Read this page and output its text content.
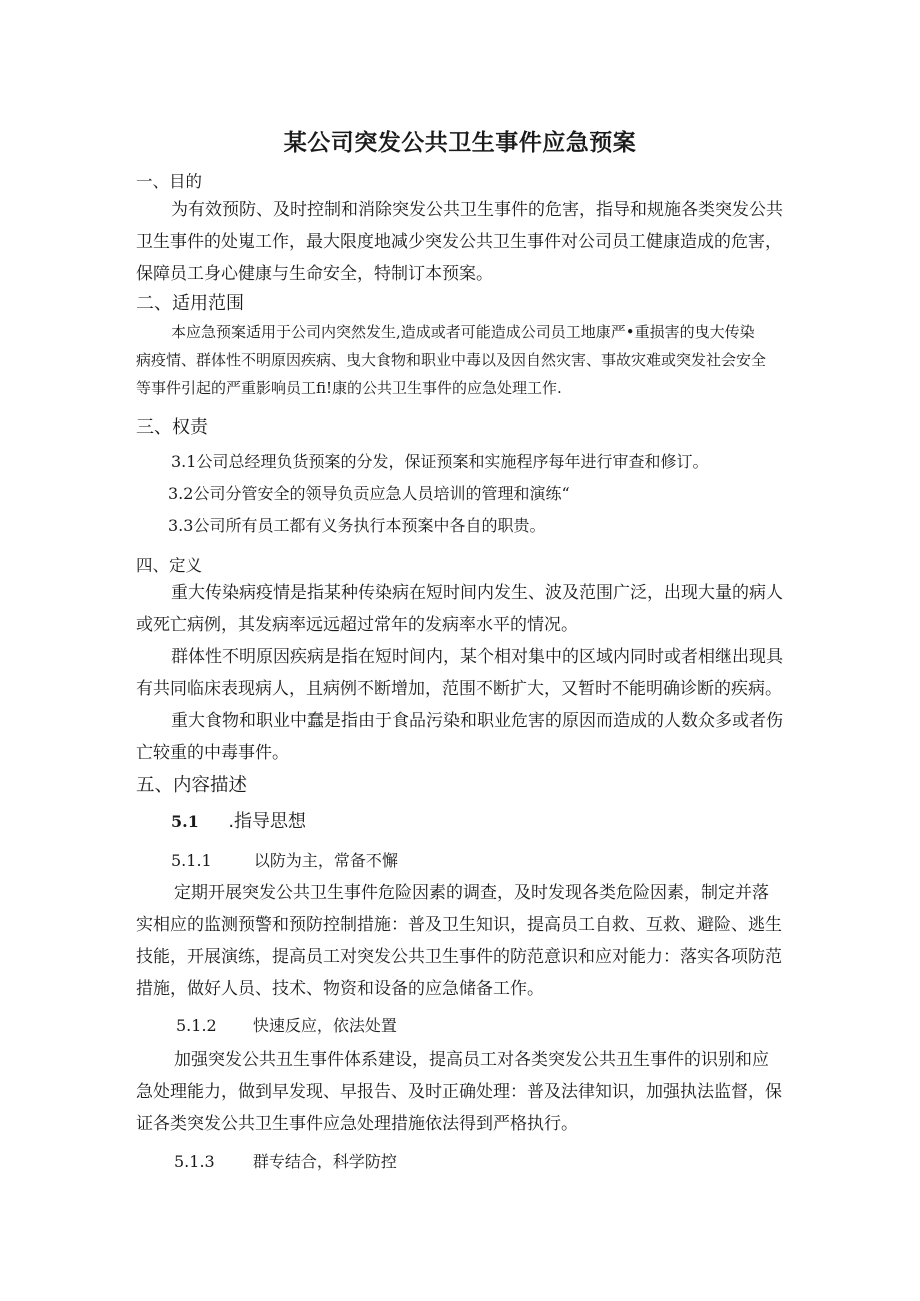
某公司突发公共卫生事件应急预案

一、目的

为有效预防、及时控制和消除突发公共卫生事件的危害，指导和规施各类突发公共
卫生事件的处嵬工作，最大限度地减少突发公共卫生事件对公司员工健康造成的危害，
保障员工身心健康与生命安全，特制订本预案。

二、适用范围

本应急预案适用于公司内突然发生,造成或者可能造成公司员工地康严•重损害的曳大传染
病疫情、群体性不明原因疾病、曳大食物和职业中毒以及因自然灾害、事故灾难或突发社会安全
等事件引起的严重影响员工fi!康的公共卫生事件的应急处理工作.

三、权责

3.1公司总经理负货预案的分发，保证预案和实施程序每年进行审查和修订。

3.2公司分管安全的领导负贡应急人员培训的管理和演练“

3.3公司所有员工都有义务执行本预案中各自的职贵。

四、定义

重大传染病疫情是指某种传染病在短时间内发生、波及范围广泛，出现大量的病人
或死亡病例，其发病率远远超过常年的发病率水平的情况。
群体性不明原因疾病是指在短时间内，某个相对集中的区域内同时或者相继出现具
有共同临床表现病人，且病例不断增加，范围不断扩大，又暂时不能明确诊断的疾病。
重大食物和职业中蠢是指由于食品污染和职业危害的原因而造成的人数众多或者伤
亡较重的中毒事件。

五、内容描述

5.1 .指导思想

5.1.1	以防为主，常备不懈

定期开展突发公共卫生事件危险因素的调查，及时发现各类危险因素，制定并落
实相应的监测预警和预防控制措施：普及卫生知识，提高员工自救、互救、避险、逃生
技能，开展演练，提高员工对突发公共卫生事件的防范意识和应对能力：落实各项防范
措施，做好人员、技术、物资和设备的应急储备工作。

5.1.2 快速反应，依法处置

加强突发公共丑生事件体系建设，提高员工对各类突发公共丑生事件的识别和应
急处理能力，做到早发现、早报告、及时正确处理：普及法律知识，加强执法监督，保
证各类突发公共卫生事件应急处理措施依法得到严格执行。

5.1.3 群专结合，科学防控
